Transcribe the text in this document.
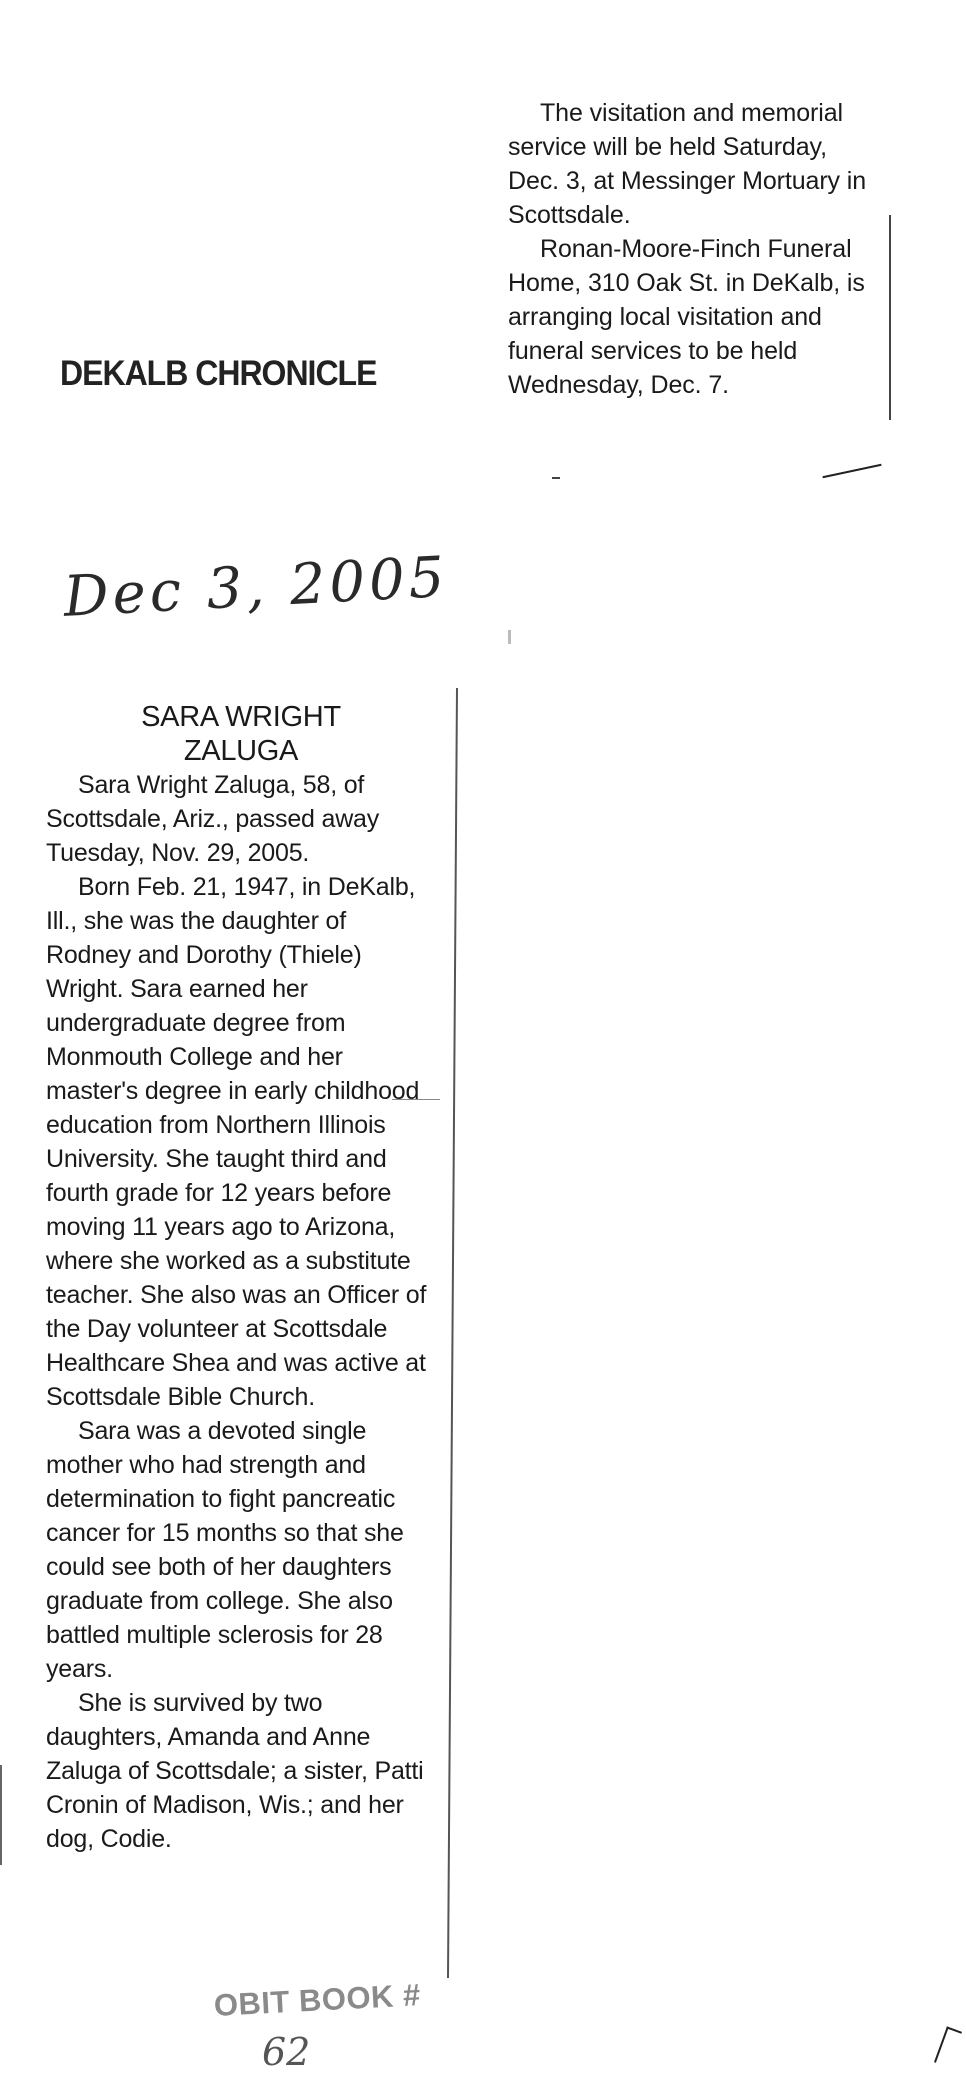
The visitation and memorial service will be held Saturday, Dec. 3, at Messinger Mortuary in Scottsdale.

Ronan-Moore-Finch Funeral Home, 310 Oak St. in DeKalb, is arranging local visitation and funeral services to be held Wednesday, Dec. 7.

DEKALB CHRONICLE
Dec 3, 2005
SARA WRIGHT
ZALUGA

Sara Wright Zaluga, 58, of Scottsdale, Ariz., passed away Tuesday, Nov. 29, 2005.

Born Feb. 21, 1947, in DeKalb, Ill., she was the daughter of Rodney and Dorothy (Thiele) Wright. Sara earned her undergraduate degree from Monmouth College and her master's degree in early childhood education from Northern Illinois University. She taught third and fourth grade for 12 years before moving 11 years ago to Arizona, where she worked as a substitute teacher. She also was an Officer of the Day volunteer at Scottsdale Healthcare Shea and was active at Scottsdale Bible Church.

Sara was a devoted single mother who had strength and determination to fight pancreatic cancer for 15 months so that she could see both of her daughters graduate from college. She also battled multiple sclerosis for 28 years.

She is survived by two daughters, Amanda and Anne Zaluga of Scottsdale; a sister, Patti Cronin of Madison, Wis.; and her dog, Codie.

OBIT BOOK #
62
